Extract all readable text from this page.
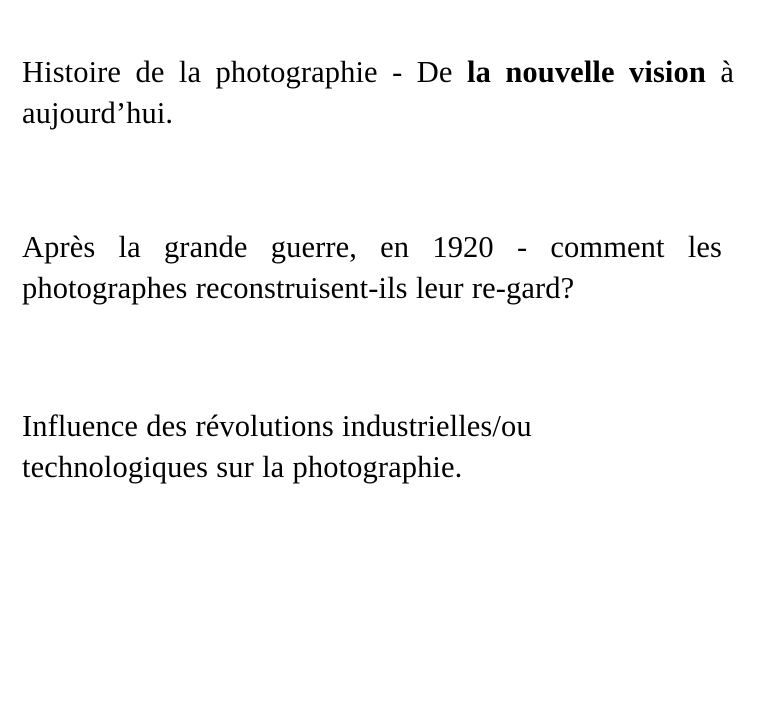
Histoire de la photographie - De la nouvelle vision à aujourd’hui.

Après la grande guerre, en 1920 - comment les photographes reconstruisent-ils leur re-gard?

Influence des révolutions industrielles/ou technologiques sur la photographie.
